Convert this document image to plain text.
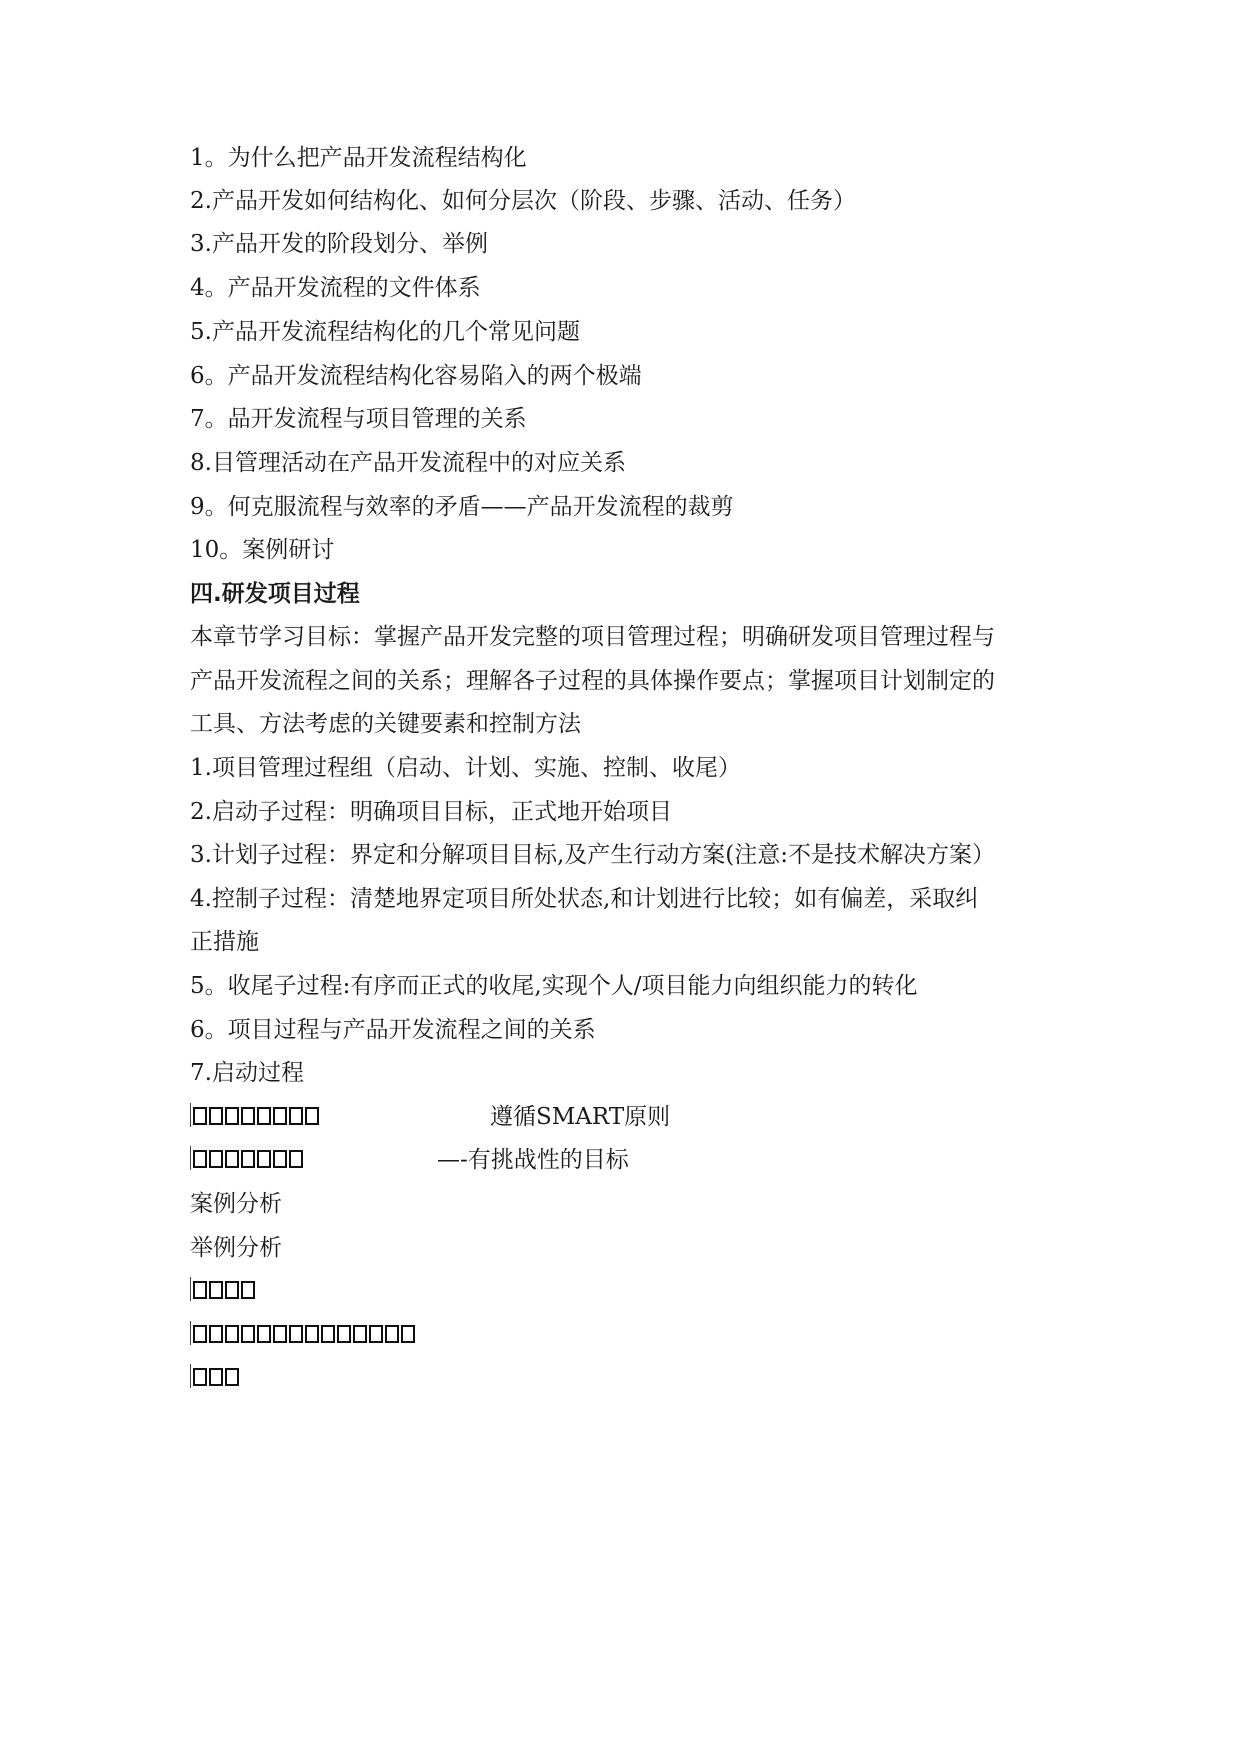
1。为什么把产品开发流程结构化
2.产品开发如何结构化、如何分层次（阶段、步骤、活动、任务）
3.产品开发的阶段划分、举例
4。产品开发流程的文件体系
5.产品开发流程结构化的几个常见问题
6。产品开发流程结构化容易陷入的两个极端
7。品开发流程与项目管理的关系
8.目管理活动在产品开发流程中的对应关系
9。何克服流程与效率的矛盾——产品开发流程的裁剪
10。案例研讨
四.研发项目过程
本章节学习目标：掌握产品开发完整的项目管理过程；明确研发项目管理过程与
产品开发流程之间的关系；理解各子过程的具体操作要点；掌握项目计划制定的
工具、方法考虑的关键要素和控制方法
1.项目管理过程组（启动、计划、实施、控制、收尾）
2.启动子过程：明确项目目标，正式地开始项目
3.计划子过程：界定和分解项目目标,及产生行动方案(注意:不是技术解决方案）
4.控制子过程：清楚地界定项目所处状态,和计划进行比较；如有偏差，采取纠
正措施
5。收尾子过程:有序而正式的收尾,实现个人/项目能力向组织能力的转化
6。项目过程与产品开发流程之间的关系
7.启动过程
遵循SMART原则
—-有挑战性的目标
案例分析
举例分析
